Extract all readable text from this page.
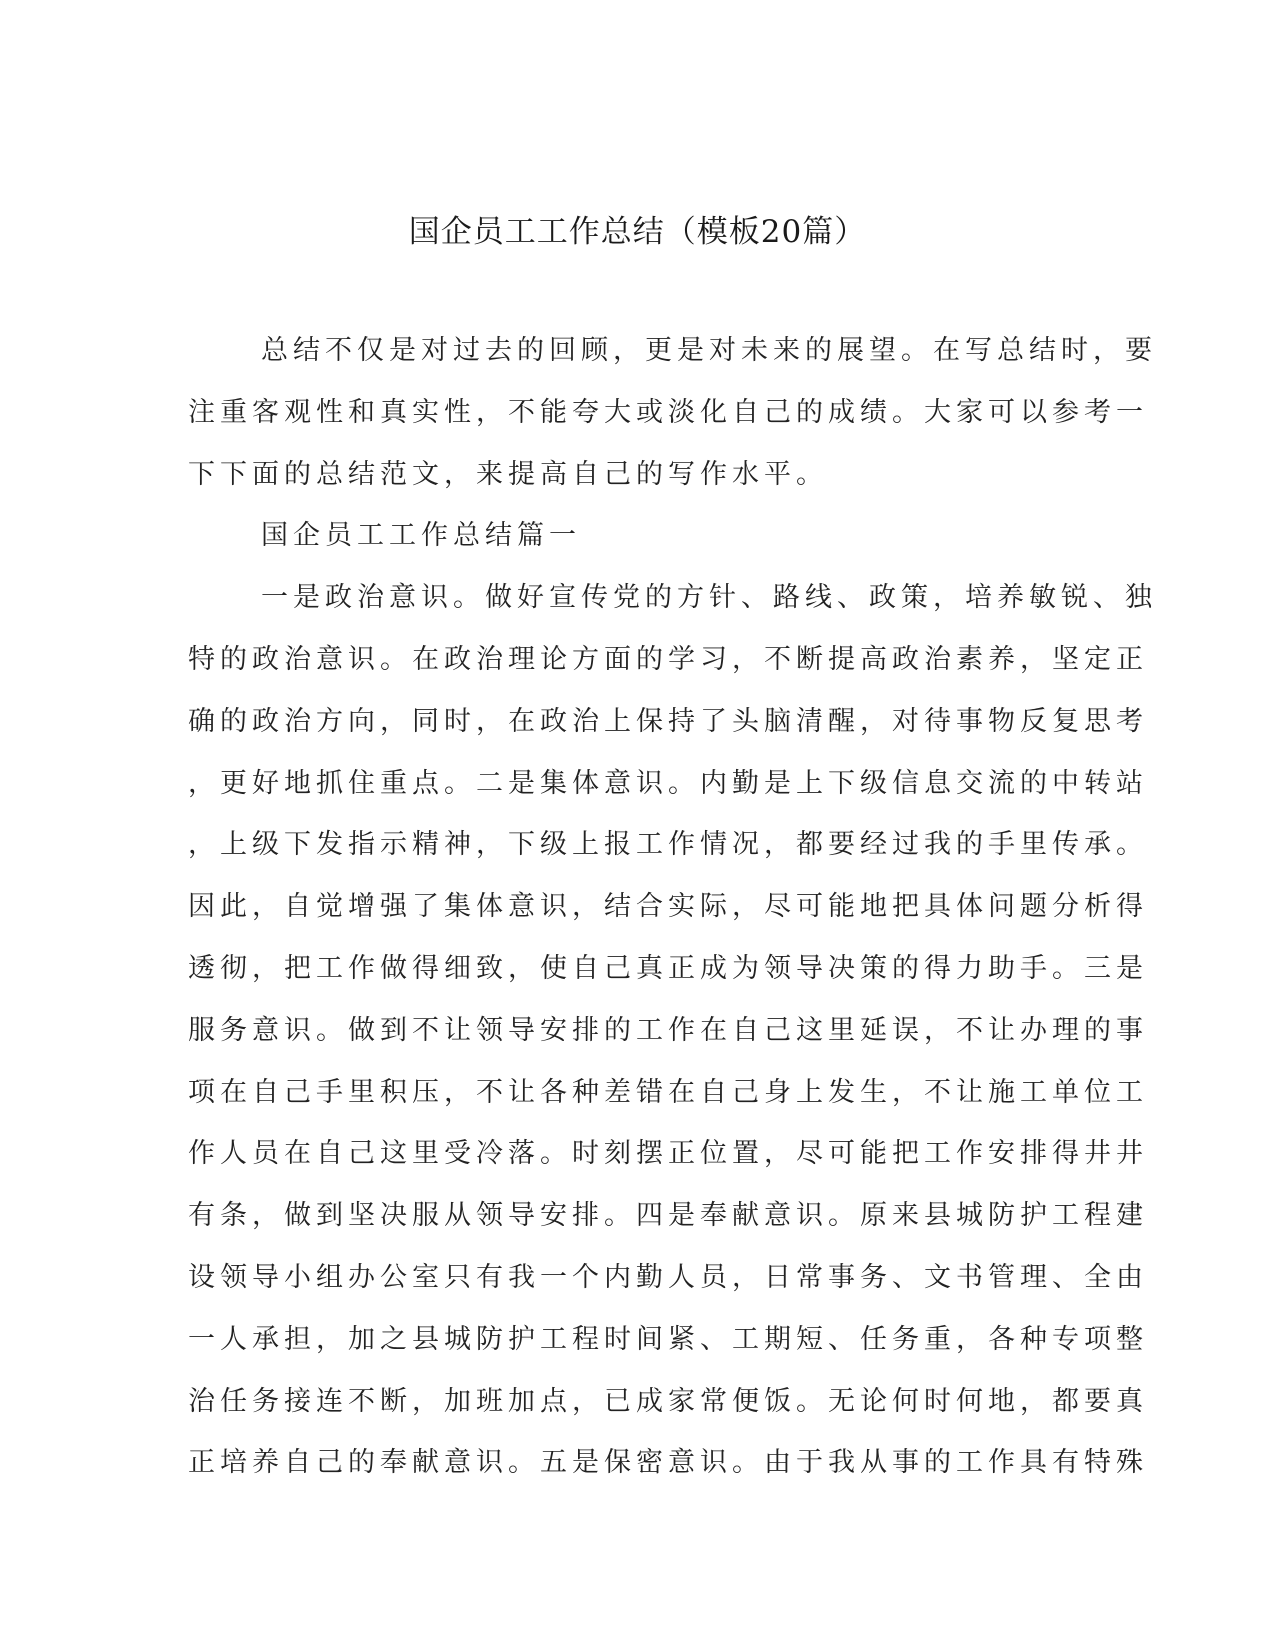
国企员工工作总结（模板20篇）
总结不仅是对过去的回顾，更是对未来的展望。在写总结时，要
注重客观性和真实性，不能夸大或淡化自己的成绩。大家可以参考一
下下面的总结范文，来提高自己的写作水平。
国企员工工作总结篇一
一是政治意识。做好宣传党的方针、路线、政策，培养敏锐、独
特的政治意识。在政治理论方面的学习，不断提高政治素养，坚定正
确的政治方向，同时，在政治上保持了头脑清醒，对待事物反复思考
，更好地抓住重点。二是集体意识。内勤是上下级信息交流的中转站
，上级下发指示精神，下级上报工作情况，都要经过我的手里传承。
因此，自觉增强了集体意识，结合实际，尽可能地把具体问题分析得
透彻，把工作做得细致，使自己真正成为领导决策的得力助手。三是
服务意识。做到不让领导安排的工作在自己这里延误，不让办理的事
项在自己手里积压，不让各种差错在自己身上发生，不让施工单位工
作人员在自己这里受冷落。时刻摆正位置，尽可能把工作安排得井井
有条，做到坚决服从领导安排。四是奉献意识。原来县城防护工程建
设领导小组办公室只有我一个内勤人员，日常事务、文书管理、全由
一人承担，加之县城防护工程时间紧、工期短、任务重，各种专项整
治任务接连不断，加班加点，已成家常便饭。无论何时何地，都要真
正培养自己的奉献意识。五是保密意识。由于我从事的工作具有特殊
